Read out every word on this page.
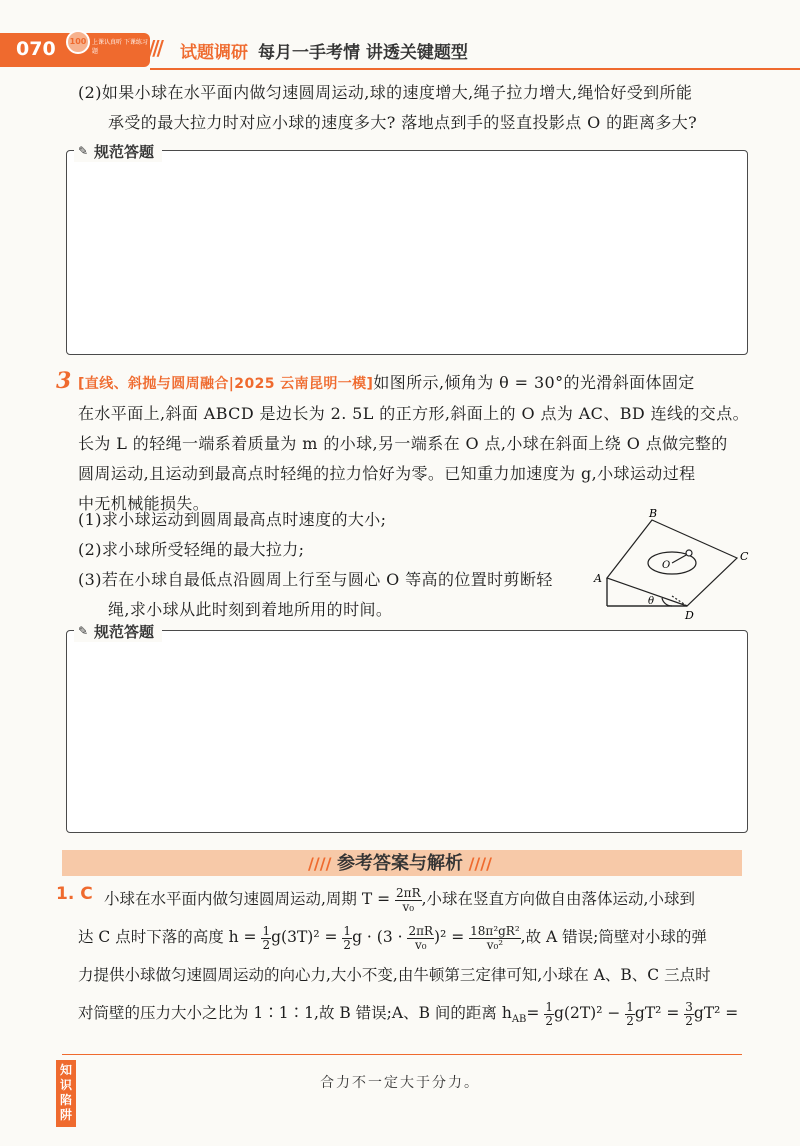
070	100 上课认真听 下课练习题	/// 试题调研 每月一手考情 讲透关键题型
(2)如果小球在水平面内做匀速圆周运动,球的速度增大,绳子拉力增大,绳恰好受到所能
承受的最大拉力时对应小球的速度多大? 落地点到手的竖直投影点 O 的距离多大?
✎ 规范答题
3 [直线、斜抛与圆周融合|2025 云南昆明一模]如图所示,倾角为 θ = 30°的光滑斜面体固定
在水平面上,斜面 ABCD 是边长为 2. 5L 的正方形,斜面上的 O 点为 AC、BD 连线的交点。
长为 L 的轻绳一端系着质量为 m 的小球,另一端系在 O 点,小球在斜面上绕 O 点做完整的
圆周运动,且运动到最高点时轻绳的拉力恰好为零。已知重力加速度为 g,小球运动过程
中无机械能损失。
(1)求小球运动到圆周最高点时速度的大小;
(2)求小球所受轻绳的最大拉力;
(3)若在小球自最低点沿圆周上行至与圆心 O 等高的位置时剪断轻
绳,求小球从此时刻到着地所用的时间。
B
C
A
D
O
θ
✎ 规范答题
//// 参考答案与解析 ////
1. C 小球在水平面内做匀速圆周运动,周期 $T = \frac{2\pi R}{\text{v₀}}$ ,小球在竖直方向做自由落体运动,小球到
达 C 点时下落的高度 $h = \frac{1}{2} g(3T)^2 = \frac{1}{2}$ $g \cdot (3 \cdot \frac{2\pi R}{\text{v₀}} )^2 = \frac{\text{18π²gR²}}{\text{v₀²}}$ ,故 A 错误;筒壁对小球的弹
力提供小球做匀速圆周运动的向心力,大小不变,由牛顿第三定律可知,小球在 A、B、C 三点时
对筒壁的压力大小之比为 1∶1∶1,故 B 错误;A、B 间的距离 $h_{AB}= \frac{1}{2} g(2T)^2 - \frac{1}{2} gT^2 = \frac{3}{2} gT^2$ =
知识陷阱
合力不一定大于分力。
